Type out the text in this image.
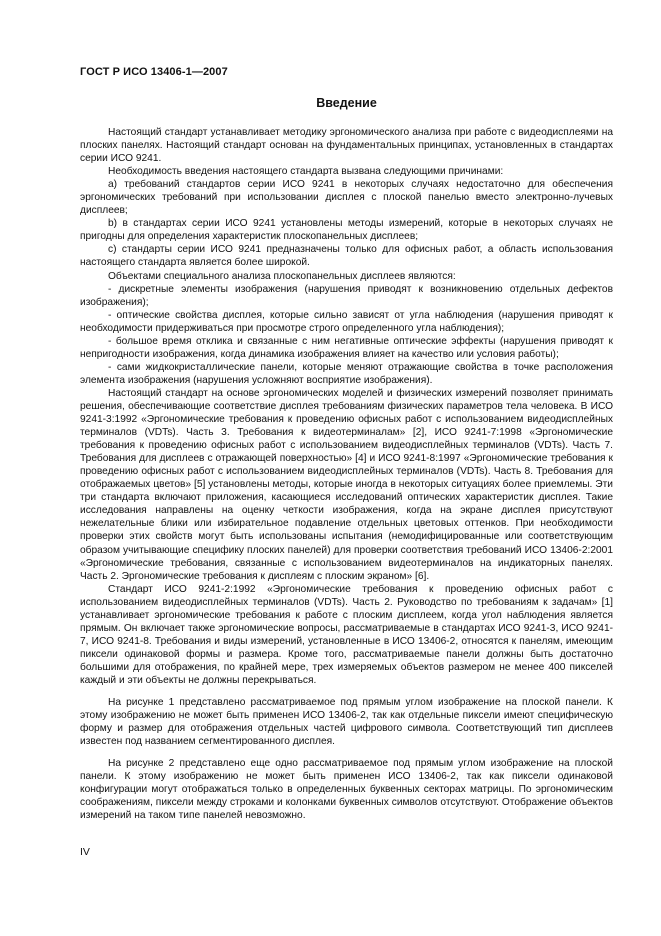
ГОСТ Р ИСО 13406-1—2007
Введение

Настоящий стандарт устанавливает методику эргономического анализа при работе с видеодисплеями на плоских панелях. Настоящий стандарт основан на фундаментальных принципах, установленных в стандартах серии ИСО 9241.

Необходимость введения настоящего стандарта вызвана следующими причинами:

а) требований стандартов серии ИСО 9241 в некоторых случаях недостаточно для обеспечения эргономических требований при использовании дисплея с плоской панелью вместо электронно-лучевых дисплеев;

b) в стандартах серии ИСО 9241 установлены методы измерений, которые в некоторых случаях не пригодны для определения характеристик плоскопанельных дисплеев;

c) стандарты серии ИСО 9241 предназначены только для офисных работ, а область использования настоящего стандарта является более широкой.

Объектами специального анализа плоскопанельных дисплеев являются:

- дискретные элементы изображения (нарушения приводят к возникновению отдельных дефектов изображения);

- оптические свойства дисплея, которые сильно зависят от угла наблюдения (нарушения приводят к необходимости придерживаться при просмотре строго определенного угла наблюдения);

- большое время отклика и связанные с ним негативные оптические эффекты (нарушения приводят к непригодности изображения, когда динамика изображения влияет на качество или условия работы);

- сами жидкокристаллические панели, которые меняют отражающие свойства в точке расположения элемента изображения (нарушения усложняют восприятие изображения).

Настоящий стандарт на основе эргономических моделей и физических измерений позволяет принимать решения, обеспечивающие соответствие дисплея требованиям физических параметров тела человека. В ИСО 9241-3:1992 «Эргономические требования к проведению офисных работ с использованием видеодисплейных терминалов (VDTs). Часть 3. Требования к видеотерминалам» [2], ИСО 9241-7:1998 «Эргономические требования к проведению офисных работ с использованием видеодисплейных терминалов (VDTs). Часть 7. Требования для дисплеев с отражающей поверхностью» [4] и ИСО 9241-8:1997 «Эргономические требования к проведению офисных работ с использованием видеодисплейных терминалов (VDTs). Часть 8. Требования для отображаемых цветов» [5] установлены методы, которые иногда в некоторых ситуациях более приемлемы. Эти три стандарта включают приложения, касающиеся исследований оптических характеристик дисплея. Такие исследования направлены на оценку четкости изображения, когда на экране дисплея присутствуют нежелательные блики или избирательное подавление отдельных цветовых оттенков. При необходимости проверки этих свойств могут быть использованы испытания (немодифицированные или соответствующим образом учитывающие специфику плоских панелей) для проверки соответствия требований ИСО 13406-2:2001 «Эргономические требования, связанные с использованием видеотерминалов на индикаторных панелях. Часть 2. Эргономические требования к дисплеям с плоским экраном» [6].

Стандарт ИСО 9241-2:1992 «Эргономические требования к проведению офисных работ с использованием видеодисплейных терминалов (VDTs). Часть 2. Руководство по требованиям к задачам» [1] устанавливает эргономические требования к работе с плоским дисплеем, когда угол наблюдения является прямым. Он включает также эргономические вопросы, рассматриваемые в стандартах ИСО 9241-3, ИСО 9241-7, ИСО 9241-8. Требования и виды измерений, установленные в ИСО 13406-2, относятся к панелям, имеющим пиксели одинаковой формы и размера. Кроме того, рассматриваемые панели должны быть достаточно большими для отображения, по крайней мере, трех измеряемых объектов размером не менее 400 пикселей каждый и эти объекты не должны перекрываться.

На рисунке 1 представлено рассматриваемое под прямым углом изображение на плоской панели. К этому изображению не может быть применен ИСО 13406-2, так как отдельные пиксели имеют специфическую форму и размер для отображения отдельных частей цифрового символа. Соответствующий тип дисплеев известен под названием сегментированного дисплея.

На рисунке 2 представлено еще одно рассматриваемое под прямым углом изображение на плоской панели. К этому изображению не может быть применен ИСО 13406-2, так как пиксели одинаковой конфигурации могут отображаться только в определенных буквенных секторах матрицы. По эргономическим соображениям, пиксели между строками и колонками буквенных символов отсутствуют. Отображение объектов измерений на таком типе панелей невозможно.

IV
